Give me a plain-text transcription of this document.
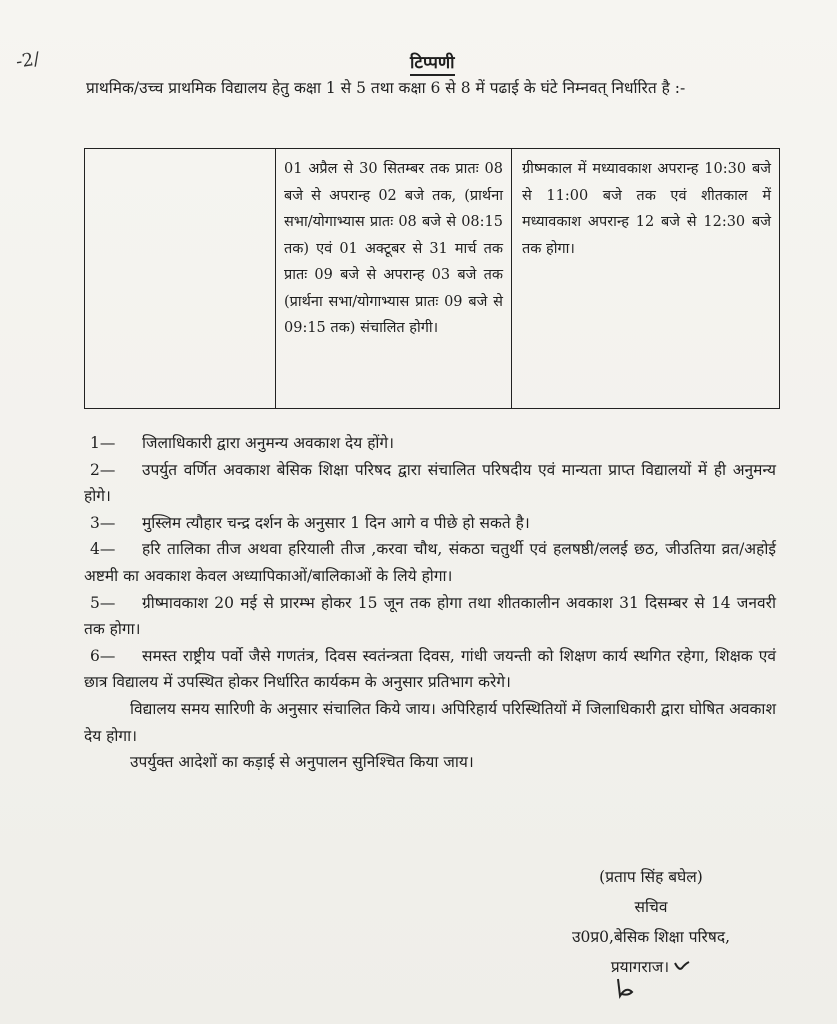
-2/	टिप्पणी
प्राथमिक/उच्च प्राथमिक विद्यालय हेतु कक्षा 1 से 5 तथा कक्षा 6 से 8 में पढाई के घंटे निम्नवत् निर्धारित है :-
01 अप्रैल से 30 सितम्बर तक प्रातः 08 बजे से अपरान्ह 02 बजे तक, (प्रार्थना सभा/योगाभ्यास प्रातः 08 बजे से 08:15 तक) एवं 01 अक्टूबर से 31 मार्च तक प्रातः 09 बजे से अपरान्ह 03 बजे तक (प्रार्थना सभा/योगाभ्यास प्रातः 09 बजे से 09:15 तक) संचालित होगी।
ग्रीष्मकाल में मध्यावकाश अपरान्ह 10:30 बजे से 11:00 बजे तक एवं शीतकाल में मध्यावकाश अपरान्ह 12 बजे से 12:30 बजे तक होगा।

1— जिलाधिकारी द्वारा अनुमन्य अवकाश देय होंगे।

2— उपर्युत वर्णित अवकाश बेसिक शिक्षा परिषद द्वारा संचालित परिषदीय एवं मान्यता प्राप्त विद्यालयों में ही अनुमन्य होगे।

3— मुस्लिम त्यौहार चन्द्र दर्शन के अनुसार 1 दिन आगे व पीछे हो सकते है।

4— हरि तालिका तीज अथवा हरियाली तीज ,करवा चौथ, संकठा चतुर्थी एवं हलषष्ठी/ललई छठ, जीउतिया व्रत/अहोई अष्टमी का अवकाश केवल अध्यापिकाओं/बालिकाओं के लिये होगा।

5— ग्रीष्मावकाश 20 मई से प्रारम्भ होकर 15 जून तक होगा तथा शीतकालीन अवकाश 31 दिसम्बर से 14 जनवरी तक होगा।

6— समस्त राष्ट्रीय पर्वो जैसे गणतंत्र, दिवस स्वतंन्त्रता दिवस, गांधी जयन्ती को शिक्षण कार्य स्थगित रहेगा, शिक्षक एवं छात्र विद्यालय में उपस्थित होकर निर्धारित कार्यकम के अनुसार प्रतिभाग करेगे।

विद्यालय समय सारिणी के अनुसार संचालित किये जाय। अपिरिहार्य परिस्थितियों में जिलाधिकारी द्वारा घोषित अवकाश देय होगा।

उपर्युक्त आदेशों का कड़ाई से अनुपालन सुनिश्चित किया जाय।

(प्रताप सिंह बघेल)
सचिव
उ0प्र0,बेसिक शिक्षा परिषद,
प्रयागराज।
